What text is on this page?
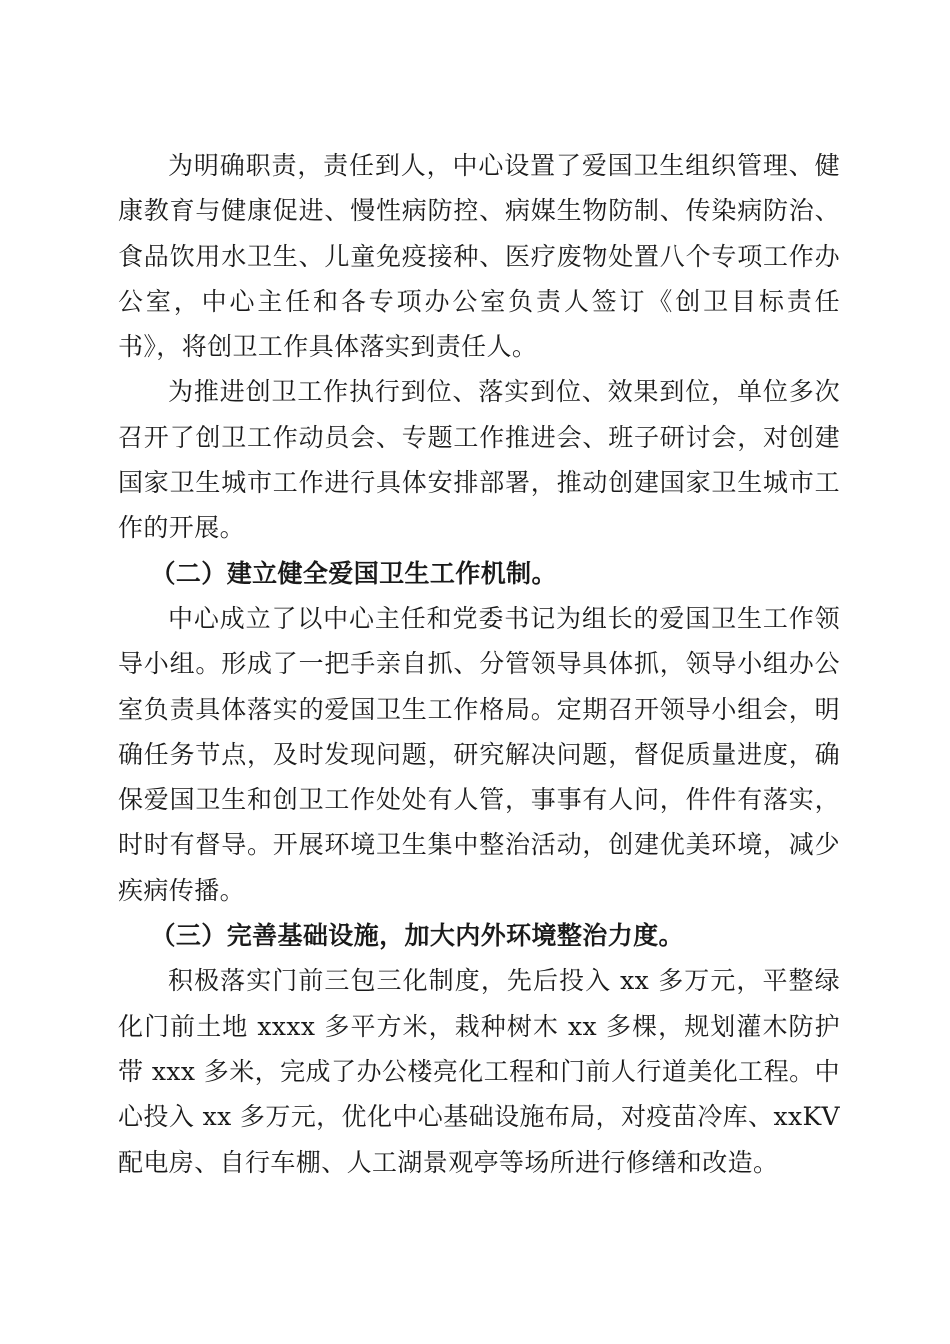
为明确职责，责任到人，中心设置了爱国卫生组织管理、健康教育与健康促进、慢性病防控、病媒生物防制、传染病防治、食品饮用水卫生、儿童免疫接种、医疗废物处置八个专项工作办公室，中心主任和各专项办公室负责人签订《创卫目标责任书》，将创卫工作具体落实到责任人。

为推进创卫工作执行到位、落实到位、效果到位，单位多次召开了创卫工作动员会、专题工作推进会、班子研讨会，对创建国家卫生城市工作进行具体安排部署，推动创建国家卫生城市工作的开展。

（二）建立健全爱国卫生工作机制。

中心成立了以中心主任和党委书记为组长的爱国卫生工作领导小组。形成了一把手亲自抓、分管领导具体抓，领导小组办公室负责具体落实的爱国卫生工作格局。定期召开领导小组会，明确任务节点，及时发现问题，研究解决问题，督促质量进度，确保爱国卫生和创卫工作处处有人管，事事有人问，件件有落实，时时有督导。开展环境卫生集中整治活动，创建优美环境，减少疾病传播。

（三）完善基础设施，加大内外环境整治力度。

积极落实门前三包三化制度，先后投入 xx 多万元，平整绿化门前土地 xxxx 多平方米，栽种树木 xx 多棵，规划灌木防护带 xxx 多米，完成了办公楼亮化工程和门前人行道美化工程。中心投入 xx 多万元，优化中心基础设施布局，对疫苗冷库、xxKV 配电房、自行车棚、人工湖景观亭等场所进行修缮和改造。
